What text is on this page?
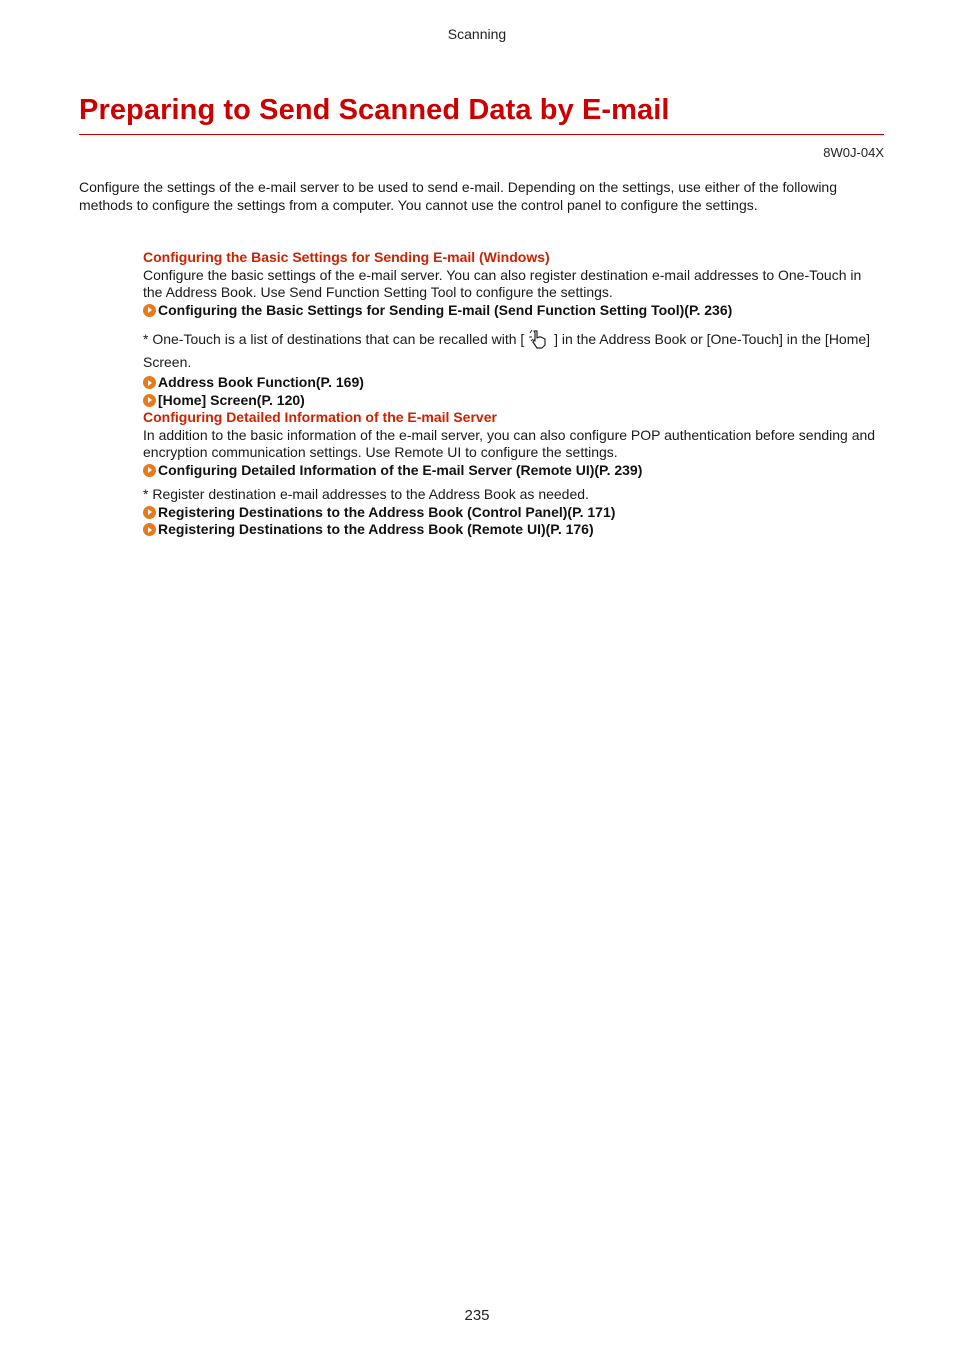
Scanning
Preparing to Send Scanned Data by E-mail
8W0J-04X

Configure the settings of the e-mail server to be used to send e-mail. Depending on the settings, use either of the following methods to configure the settings from a computer. You cannot use the control panel to configure the settings.

Configuring the Basic Settings for Sending E-mail (Windows)

Configure the basic settings of the e-mail server. You can also register destination e-mail addresses to One-Touch in the Address Book. Use Send Function Setting Tool to configure the settings.

Configuring the Basic Settings for Sending E-mail (Send Function Setting Tool)(P. 236)

* One-Touch is a list of destinations that can be recalled with [ ] in the Address Book or [One-Touch] in the [Home] Screen.

Address Book Function(P. 169)

[Home] Screen(P. 120)

Configuring Detailed Information of the E-mail Server

In addition to the basic information of the e-mail server, you can also configure POP authentication before sending and encryption communication settings. Use Remote UI to configure the settings.

Configuring Detailed Information of the E-mail Server (Remote UI)(P. 239)

* Register destination e-mail addresses to the Address Book as needed.

Registering Destinations to the Address Book (Control Panel)(P. 171)

Registering Destinations to the Address Book (Remote UI)(P. 176)

235
